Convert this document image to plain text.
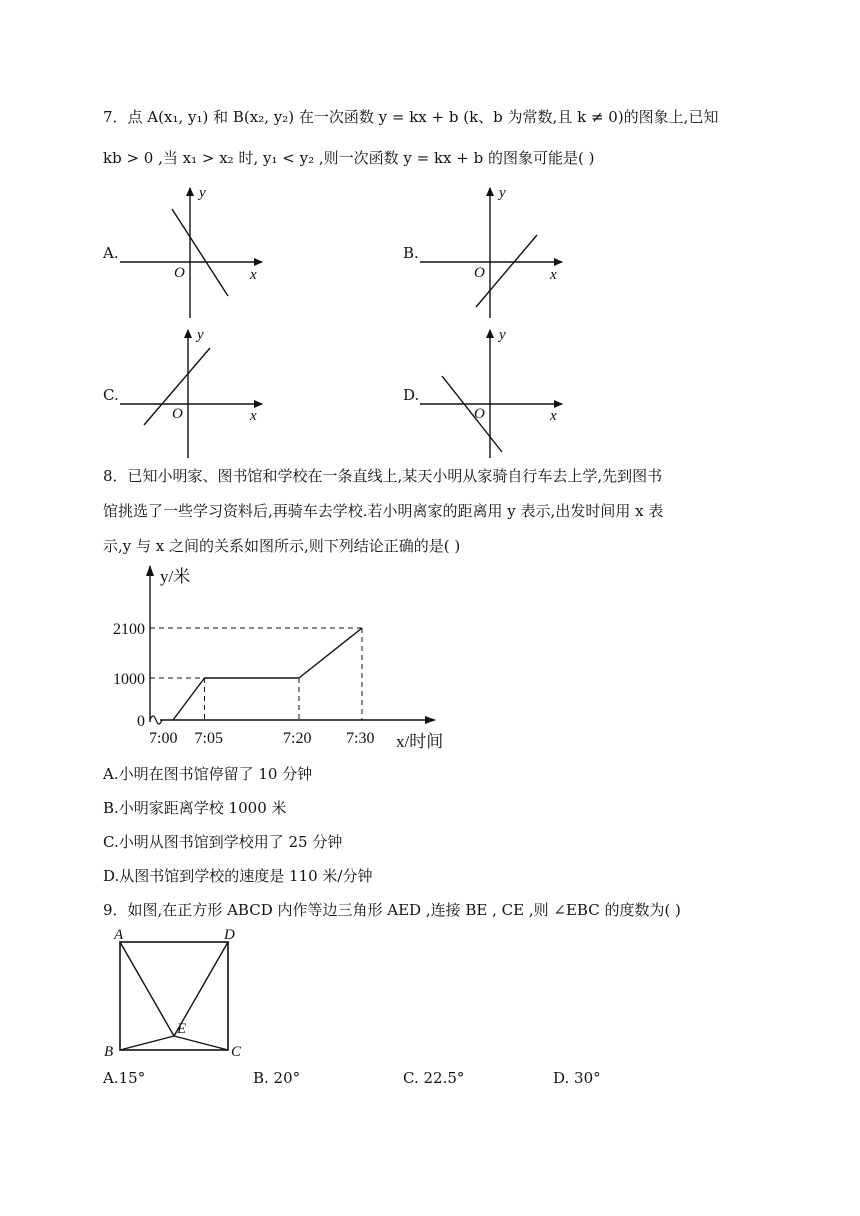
7．点 A(x₁, y₁) 和 B(x₂, y₂) 在一次函数 y = kx + b (k、b 为常数,且 k ≠ 0)的图象上,已知
kb > 0 ,当 x₁ > x₂ 时, y₁ < y₂ ,则一次函数 y = kx + b 的图象可能是( )
A.
y
x
O
B.
y
x
O
C.
y
x
O
D.
y
x
O
8．已知小明家、图书馆和学校在一条直线上,某天小明从家骑自行车去上学,先到图书
馆挑选了一些学习资料后,再骑车去学校.若小明离家的距离用 y 表示,出发时间用 x 表
示,y 与 x 之间的关系如图所示,则下列结论正确的是( )
7:00 7:05	7:20 7:30
0
1000
2100
y/米
x/时间
A.小明在图书馆停留了 10 分钟
B.小明家距离学校 1000 米
C.小明从图书馆到学校用了 25 分钟
D.从图书馆到学校的速度是 110 米/分钟
9．如图,在正方形 ABCD 内作等边三角形 AED ,连接 BE , CE ,则 ∠EBC 的度数为( )
A	D
B	C
E
A.15°	B. 20°	C. 22.5°	D. 30°
